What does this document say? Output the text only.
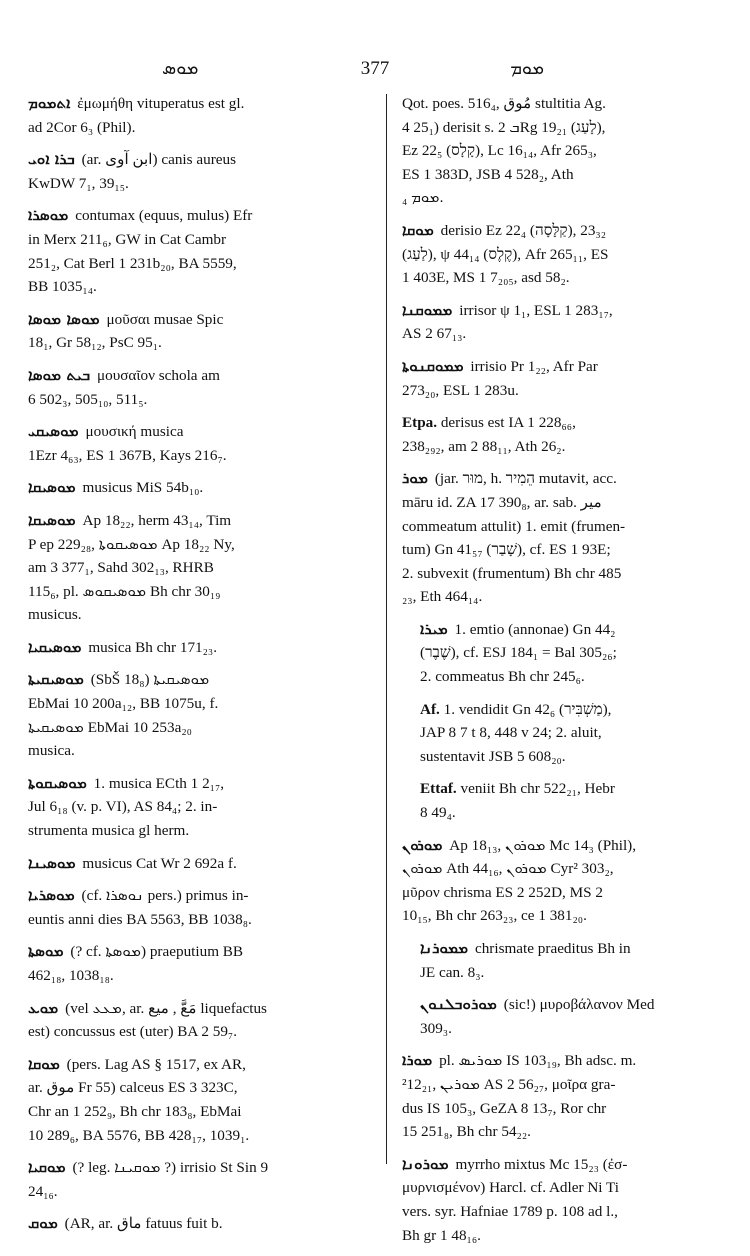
ܡܘܣ	377	ܡܘܡ
ܐܬܡܘܡ ἐμωμήθη vituperatus est gl.
ad 2Cor 6₃ (Phil).
ܒܪܐ ܐܘܝ (ar. ابن آوى) canis aureus
KwDW 7₁, 39₁₅.
ܡܘܣܪܐ contumax (equus, mulus) Efr
in Merx 211₆, GW in Cat Cambr
251₂, Cat Berl 1 231b₂₀, BA 5559,
BB 1035₁₄.
ܡܘܣܐ ܡܘܣܐ μοῦσαι musae Spic
18₁, Gr 58₁₂, PsC 95₁.
ܒܝܬ ܡܘܣܐ μουσαῖον schola am
6 502₃, 505₁₀, 511₅.
ܡܘܣܝܩܝ μουσική musica
1Ezr 4₆₃, ES 1 367B, Kays 216₇.
ܡܘܣܝܩܐ musicus MiS 54b₁₀.
ܡܘܣܝܩܐ Ap 18₂₂, herm 43₁₄, Tim
P ep 229₂₈, ܡܘܣܝܩܘܬܐ Ap 18₂₂ Ny,
am 3 377₁, Sahd 302₁₃, RHRB
115₆, pl. ܡܘܣܝܩܘܣ Bh chr 30₁₉
musicus.
ܡܘܣܝܩܝܐ musica Bh chr 171₂₃.
ܡܘܣܝܩܝܬܐ (SbŠ 18₈) ܡܘܣܝܩܝܬܐ
EbMai 10 200a₁₂, BB 1075u, f.
ܡܘܣܝܩܝܬܐ EbMai 10 253a₂₀
musica.
ܡܘܣܝܩܘܬܐ 1. musica ECth 1 2₁₇,
Jul 6₁₈ (v. p. VI), AS 84₄; 2. in-
strumenta musica gl herm.
ܡܘܣܝܢܐ musicus Cat Wr 2 692a f.
ܡܘܣܪܝܐ (cf. ܢܘܣܪܐ pers.) primus in-
euntis anni dies BA 5563, BB 1038₈.
ܡܘܣܬܐ (? cf. ܡܘܣܬܐ) praeputium BB
462₁₈, 1038₁₈.
ܡܘܥ (vel ܡܥܥ, ar. مَعَّ , ميع liquefactus
est) concussus est (uter) BA 2 59₇.
ܡܘܩܐ (pers. Lag AS § 1517, ex AR,
ar. موق Fr 55) calceus ES 3 323C,
Chr an 1 252₉, Bh chr 183₈, EbMai
10 289₆, BA 5576, BB 428₁₇, 1039₁.
ܡܘܩܝܐ (? leg. ܡܘܩܝܢܐ ?) irrisio St Sin 9
24₁₆.
ܡܘܩ (AR, ar. ماق fatuus fuit b.
Qot. poes. 516₄, مُوق stultitia Ag.
4 25₁) derisit s. ܒ 2Rg 19₂₁ (לָעַג),
Ez 22₅ (קָלָס), Lc 16₁₄, Afr 265₃,
ES 1 383D, JSB 4 528₂, Ath
ܡܘܡ ₄.
ܡܘܩܐ derisio Ez 22₄ (קַלָּסָה), 23₃₂
(לַעַג), ψ 44₁₄ (קֶלֶס), Afr 265₁₁, ES
1 403E, MS 1 7₂₀₅, asd 58₂.
ܡܡܘܩܢܐ irrisor ψ 1₁, ESL 1 283₁₇,
AS 2 67₁₃.
ܡܡܘܩܢܘܬܐ irrisio Pr 1₂₂, Afr Par
273₂₀, ESL 1 283u.
Etpa. derisus est IA 1 228₆₆,
238₂₉₂, am 2 88₁₁, Ath 26₂.
ܡܘܪ (jar. מוּר, h. הֵמִיר mutavit, acc.
māru id. ZA 17 390₈, ar. sab. مير
commeatum attulit) 1. emit (frumen-
tum) Gn 41₅₇ (שָׁבַר), cf. ES 1 93E;
2. subvexit (frumentum) Bh chr 485
₂₃, Eth 464₁₄.
ܡܝܪܐ 1. emtio (annonae) Gn 44₂
(שֶׁבֶר), cf. ESJ 184₁ = Bal 305₂₆;
2. commeatus Bh chr 245₆.
Af. 1. vendidit Gn 42₆ (מַשְׁבִּיר),
JAP 8 7 t 8, 448 v 24; 2. aluit,
sustentavit JSB 5 608₂₀.
Ettaf. veniit Bh chr 522₂₁, Hebr
8 49₄.
ܡܘܪܘܢ Ap 18₁₃, ܡܘܪܘܢ Mc 14₃ (Phil),
ܡܘܪܘܢ Ath 44₁₆, ܡܘܪܘܢ Cyr² 303₂,
μῦρον chrisma ES 2 252D, MS 2
10₁₅, Bh chr 263₂₃, ce 1 381₂₀.
ܡܡܘܪܢܐ chrismate praeditus Bh in
JE can. 8₃.
ܡܘܪܘܒܠܢܘܢ (sic!) μυροβάλανον Med
309₃.
ܡܘܪܐ pl. ܡܘܪܝܣ IS 103₁₉, Bh adsc. m.
²12₂₁, ܡܘܪܝܢ AS 2 56₂₇, μοῖρα gra-
dus IS 105₃, GeZA 8 13₇, Ror chr
15 251₈, Bh chr 54₂₂.
ܡܘܪܘܢܐ myrrho mixtus Mc 15₂₃ (ἐσ-
μυρνισμένον) Harcl. cf. Adler Ni Ti
vers. syr. Hafniae 1789 p. 108 ad l.,
Bh gr 1 48₁₆.
